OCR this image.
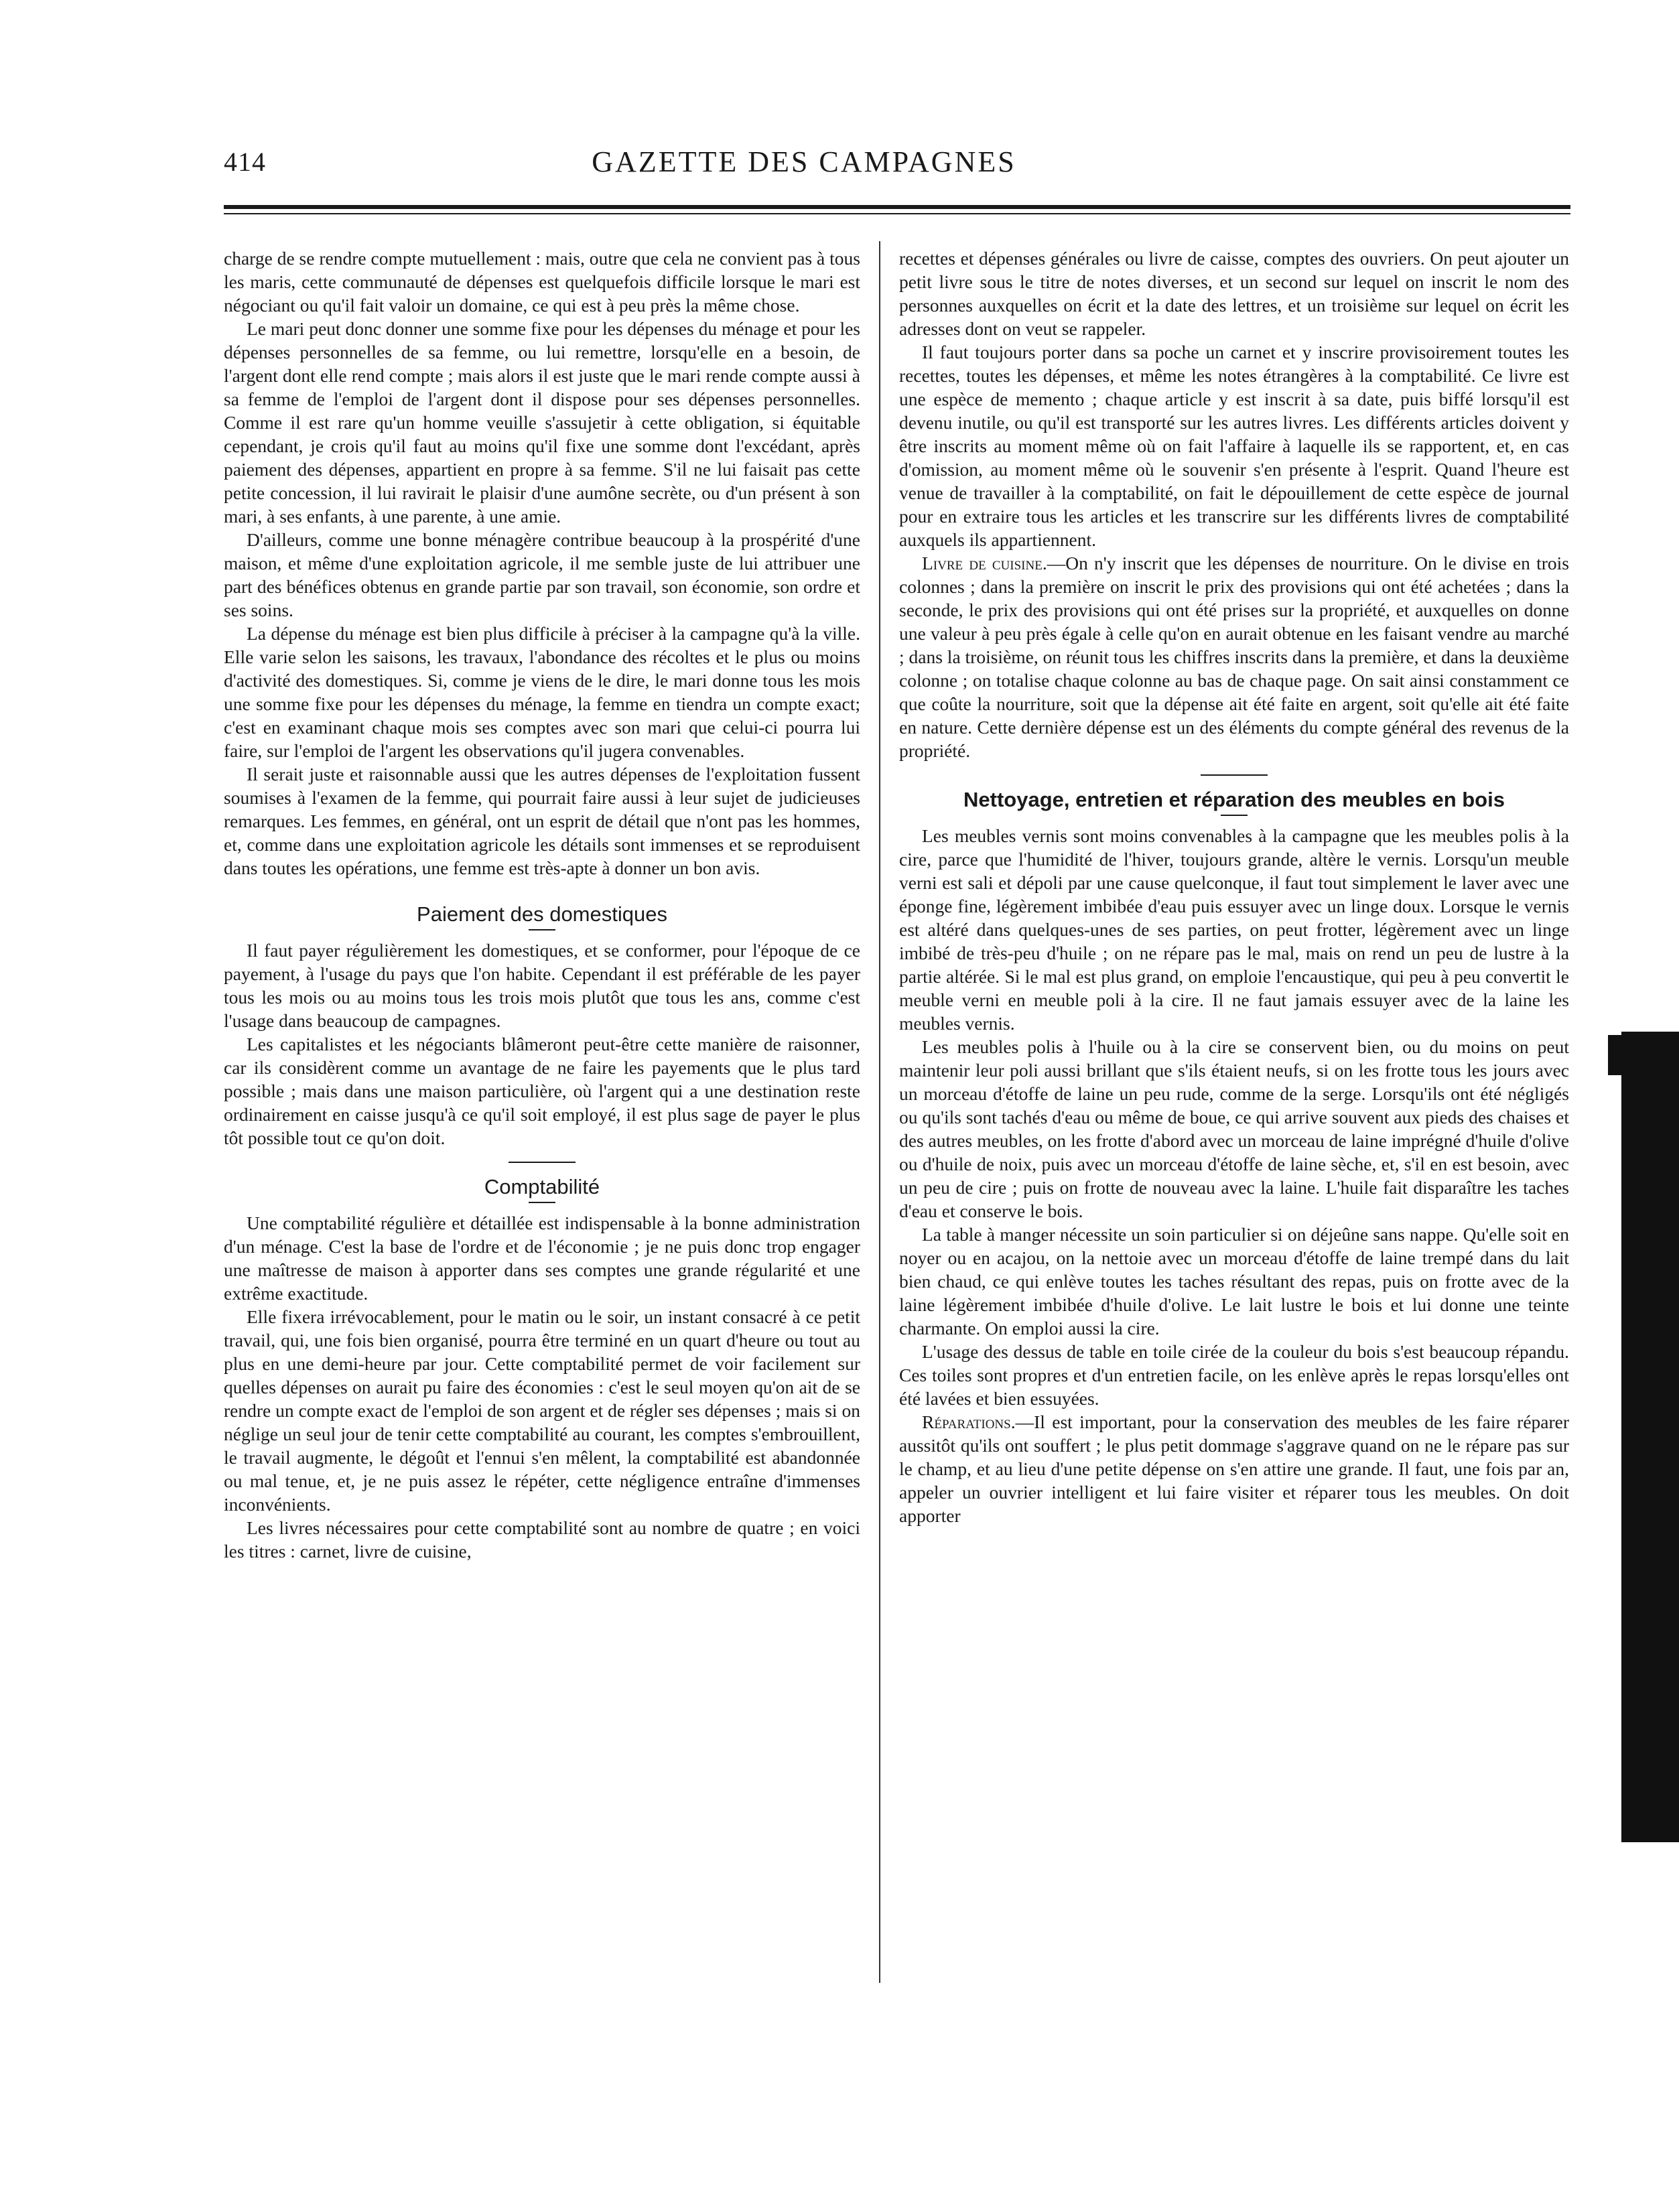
414	GAZETTE DES CAMPAGNES

charge de se rendre compte mutuellement : mais, outre que cela ne convient pas à tous les maris, cette communauté de dépenses est quelquefois difficile lorsque le mari est négociant ou qu'il fait valoir un domaine, ce qui est à peu près la même chose.

Le mari peut donc donner une somme fixe pour les dépenses du ménage et pour les dépenses personnelles de sa femme, ou lui remettre, lorsqu'elle en a besoin, de l'argent dont elle rend compte ; mais alors il est juste que le mari rende compte aussi à sa femme de l'emploi de l'argent dont il dispose pour ses dépenses personnelles. Comme il est rare qu'un homme veuille s'assujetir à cette obligation, si équitable cependant, je crois qu'il faut au moins qu'il fixe une somme dont l'excédant, après paiement des dépenses, appartient en propre à sa femme. S'il ne lui faisait pas cette petite concession, il lui ravirait le plaisir d'une aumône secrète, ou d'un présent à son mari, à ses enfants, à une parente, à une amie.

D'ailleurs, comme une bonne ménagère contribue beaucoup à la prospérité d'une maison, et même d'une exploitation agricole, il me semble juste de lui attribuer une part des bénéfices obtenus en grande partie par son travail, son économie, son ordre et ses soins.

La dépense du ménage est bien plus difficile à préciser à la campagne qu'à la ville. Elle varie selon les saisons, les travaux, l'abondance des récoltes et le plus ou moins d'activité des domestiques. Si, comme je viens de le dire, le mari donne tous les mois une somme fixe pour les dépenses du ménage, la femme en tiendra un compte exact; c'est en examinant chaque mois ses comptes avec son mari que celui-ci pourra lui faire, sur l'emploi de l'argent les observations qu'il jugera convenables.

Il serait juste et raisonnable aussi que les autres dépenses de l'exploitation fussent soumises à l'examen de la femme, qui pourrait faire aussi à leur sujet de judicieuses remarques. Les femmes, en général, ont un esprit de détail que n'ont pas les hommes, et, comme dans une exploitation agricole les détails sont immenses et se reproduisent dans toutes les opérations, une femme est très-apte à donner un bon avis.

Paiement des domestiques

Il faut payer régulièrement les domestiques, et se conformer, pour l'époque de ce payement, à l'usage du pays que l'on habite. Cependant il est préférable de les payer tous les mois ou au moins tous les trois mois plutôt que tous les ans, comme c'est l'usage dans beaucoup de campagnes.

Les capitalistes et les négociants blâmeront peut-être cette manière de raisonner, car ils considèrent comme un avantage de ne faire les payements que le plus tard possible ; mais dans une maison particulière, où l'argent qui a une destination reste ordinairement en caisse jusqu'à ce qu'il soit employé, il est plus sage de payer le plus tôt possible tout ce qu'on doit.

Comptabilité

Une comptabilité régulière et détaillée est indispensable à la bonne administration d'un ménage. C'est la base de l'ordre et de l'économie ; je ne puis donc trop engager une maîtresse de maison à apporter dans ses comptes une grande régularité et une extrême exactitude.

Elle fixera irrévocablement, pour le matin ou le soir, un instant consacré à ce petit travail, qui, une fois bien organisé, pourra être terminé en un quart d'heure ou tout au plus en une demi-heure par jour. Cette comptabilité permet de voir facilement sur quelles dépenses on aurait pu faire des économies : c'est le seul moyen qu'on ait de se rendre un compte exact de l'emploi de son argent et de régler ses dépenses ; mais si on néglige un seul jour de tenir cette comptabilité au courant, les comptes s'embrouillent, le travail augmente, le dégoût et l'ennui s'en mêlent, la comptabilité est abandonnée ou mal tenue, et, je ne puis assez le répéter, cette négligence entraîne d'immenses inconvénients.

Les livres nécessaires pour cette comptabilité sont au nombre de quatre ; en voici les titres : carnet, livre de cuisine,

recettes et dépenses générales ou livre de caisse, comptes des ouvriers. On peut ajouter un petit livre sous le titre de notes diverses, et un second sur lequel on inscrit le nom des personnes auxquelles on écrit et la date des lettres, et un troisième sur lequel on écrit les adresses dont on veut se rappeler.

Il faut toujours porter dans sa poche un carnet et y inscrire provisoirement toutes les recettes, toutes les dépenses, et même les notes étrangères à la comptabilité. Ce livre est une espèce de memento ; chaque article y est inscrit à sa date, puis biffé lorsqu'il est devenu inutile, ou qu'il est transporté sur les autres livres. Les différents articles doivent y être inscrits au moment même où on fait l'affaire à laquelle ils se rapportent, et, en cas d'omission, au moment même où le souvenir s'en présente à l'esprit. Quand l'heure est venue de travailler à la comptabilité, on fait le dépouillement de cette espèce de journal pour en extraire tous les articles et les transcrire sur les différents livres de comptabilité auxquels ils appartiennent.

Livre de cuisine.—On n'y inscrit que les dépenses de nourriture. On le divise en trois colonnes ; dans la première on inscrit le prix des provisions qui ont été achetées ; dans la seconde, le prix des provisions qui ont été prises sur la propriété, et auxquelles on donne une valeur à peu près égale à celle qu'on en aurait obtenue en les faisant vendre au marché ; dans la troisième, on réunit tous les chiffres inscrits dans la première, et dans la deuxième colonne ; on totalise chaque colonne au bas de chaque page. On sait ainsi constamment ce que coûte la nourriture, soit que la dépense ait été faite en argent, soit qu'elle ait été faite en nature. Cette dernière dépense est un des éléments du compte général des revenus de la propriété.

Nettoyage, entretien et réparation des meubles en bois

Les meubles vernis sont moins convenables à la campagne que les meubles polis à la cire, parce que l'humidité de l'hiver, toujours grande, altère le vernis. Lorsqu'un meuble verni est sali et dépoli par une cause quelconque, il faut tout simplement le laver avec une éponge fine, légèrement imbibée d'eau puis essuyer avec un linge doux. Lorsque le vernis est altéré dans quelques-unes de ses parties, on peut frotter, légèrement avec un linge imbibé de très-peu d'huile ; on ne répare pas le mal, mais on rend un peu de lustre à la partie altérée. Si le mal est plus grand, on emploie l'encaustique, qui peu à peu convertit le meuble verni en meuble poli à la cire. Il ne faut jamais essuyer avec de la laine les meubles vernis.

Les meubles polis à l'huile ou à la cire se conservent bien, ou du moins on peut maintenir leur poli aussi brillant que s'ils étaient neufs, si on les frotte tous les jours avec un morceau d'étoffe de laine un peu rude, comme de la serge. Lorsqu'ils ont été négligés ou qu'ils sont tachés d'eau ou même de boue, ce qui arrive souvent aux pieds des chaises et des autres meubles, on les frotte d'abord avec un morceau de laine imprégné d'huile d'olive ou d'huile de noix, puis avec un morceau d'étoffe de laine sèche, et, s'il en est besoin, avec un peu de cire ; puis on frotte de nouveau avec la laine. L'huile fait disparaître les taches d'eau et conserve le bois.

La table à manger nécessite un soin particulier si on déjeûne sans nappe. Qu'elle soit en noyer ou en acajou, on la nettoie avec un morceau d'étoffe de laine trempé dans du lait bien chaud, ce qui enlève toutes les taches résultant des repas, puis on frotte avec de la laine légèrement imbibée d'huile d'olive. Le lait lustre le bois et lui donne une teinte charmante. On emploi aussi la cire.

L'usage des dessus de table en toile cirée de la couleur du bois s'est beaucoup répandu. Ces toiles sont propres et d'un entretien facile, on les enlève après le repas lorsqu'elles ont été lavées et bien essuyées.

Réparations.—Il est important, pour la conservation des meubles de les faire réparer aussitôt qu'ils ont souffert ; le plus petit dommage s'aggrave quand on ne le répare pas sur le champ, et au lieu d'une petite dépense on s'en attire une grande. Il faut, une fois par an, appeler un ouvrier intelligent et lui faire visiter et réparer tous les meubles. On doit apporter
